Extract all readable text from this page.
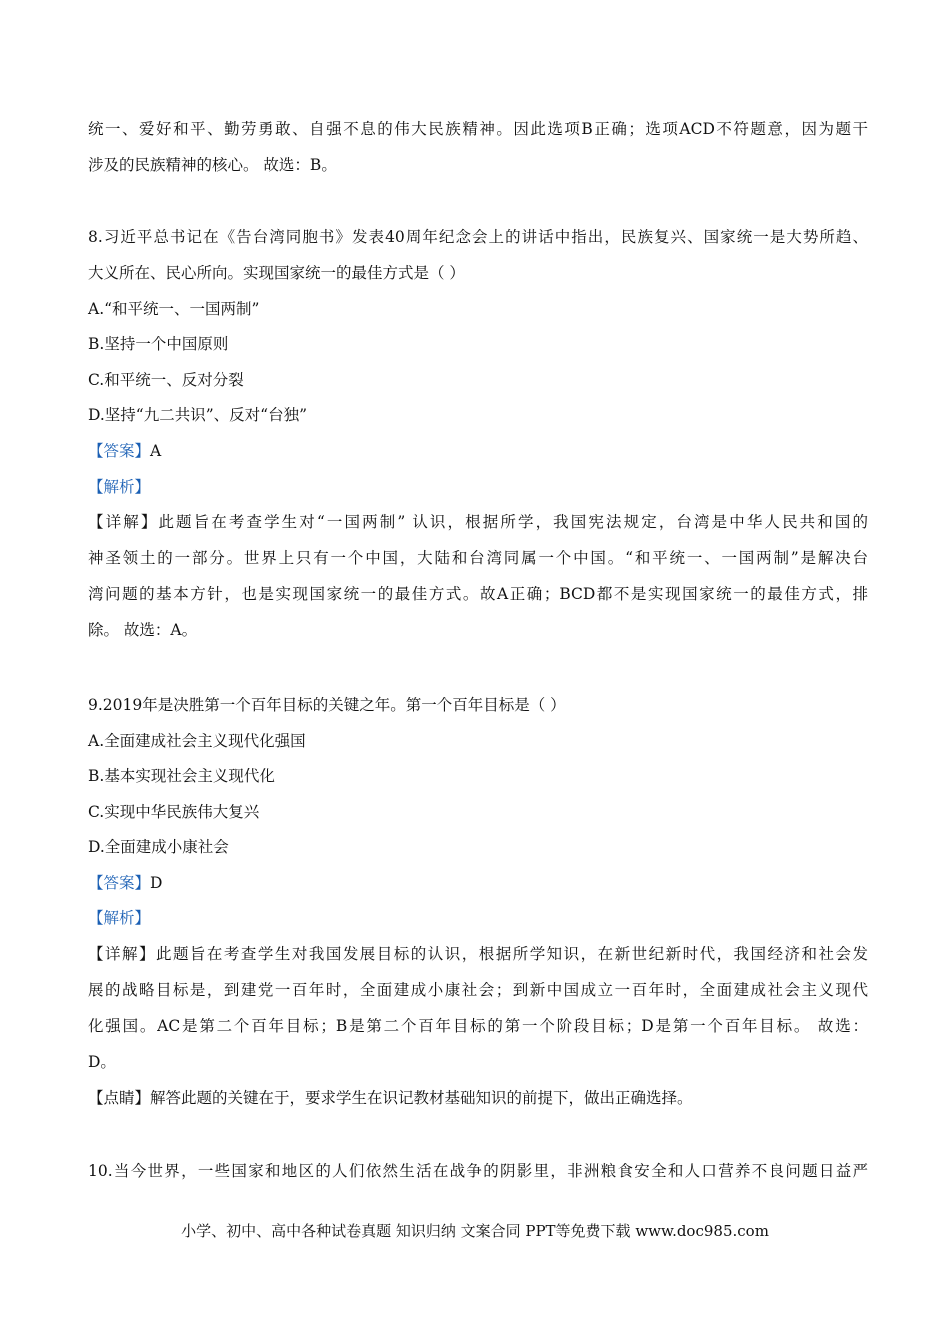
统一、爱好和平、勤劳勇敢、自强不息的伟大民族精神。因此选项B正确；选项ACD不符题意，因为题干
涉及的民族精神的核心。 故选：B。
8.习近平总书记在《告台湾同胞书》发表40周年纪念会上的讲话中指出，民族复兴、国家统一是大势所趋、
大义所在、民心所向。实现国家统一的最佳方式是（ ）
A.“和平统一、一国两制”
B.坚持一个中国原则
C.和平统一、反对分裂
D.坚持“九二共识”、反对“台独”
【答案】A
【解析】
【详解】此题旨在考查学生对“一国两制” 认识，根据所学，我国宪法规定，台湾是中华人民共和国的
神圣领土的一部分。世界上只有一个中国，大陆和台湾同属一个中国。“和平统一、一国两制”是解决台
湾问题的基本方针，也是实现国家统一的最佳方式。故A正确；BCD都不是实现国家统一的最佳方式，排
除。 故选：A。
9.2019年是决胜第一个百年目标的关键之年。第一个百年目标是（ ）
A.全面建成社会主义现代化强国
B.基本实现社会主义现代化
C.实现中华民族伟大复兴
D.全面建成小康社会
【答案】D
【解析】
【详解】此题旨在考查学生对我国发展目标的认识，根据所学知识，在新世纪新时代，我国经济和社会发
展的战略目标是，到建党一百年时，全面建成小康社会；到新中国成立一百年时，全面建成社会主义现代
化强国。AC是第二个百年目标；B是第二个百年目标的第一个阶段目标；D是第一个百年目标。 故选：
D。
【点睛】解答此题的关键在于，要求学生在识记教材基础知识的前提下，做出正确选择。
10.当今世界，一些国家和地区的人们依然生活在战争的阴影里，非洲粮食安全和人口营养不良问题日益严
小学、初中、高中各种试卷真题 知识归纳 文案合同 PPT等免费下载 www.doc985.com
